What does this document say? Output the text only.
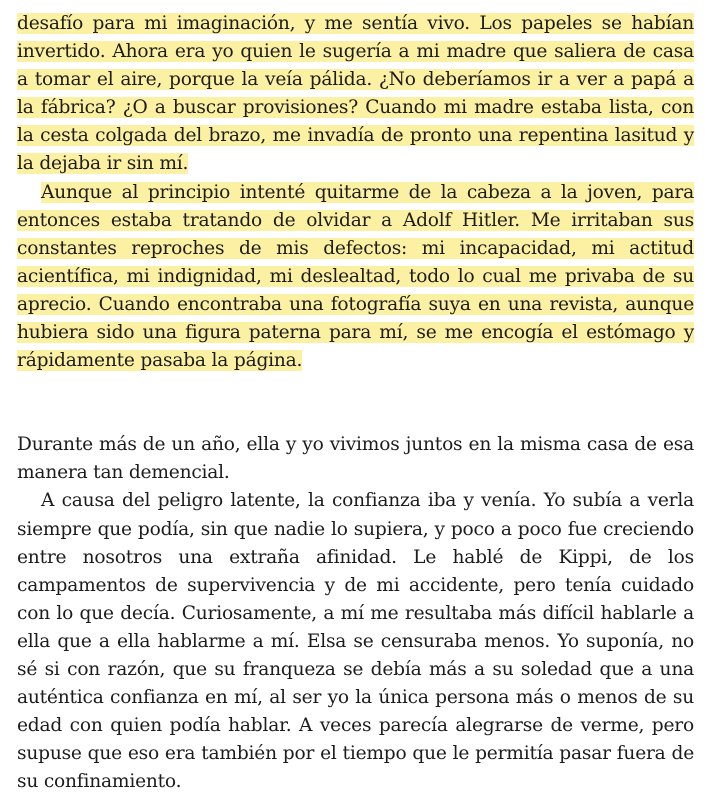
desafío para mi imaginación, y me sentía vivo. Los papeles se habían invertido. Ahora era yo quien le sugería a mi madre que saliera de casa a tomar el aire, porque la veía pálida. ¿No deberíamos ir a ver a papá a la fábrica? ¿O a buscar provisiones? Cuando mi madre estaba lista, con la cesta colgada del brazo, me invadía de pronto una repentina lasitud y la dejaba ir sin mí.

Aunque al principio intenté quitarme de la cabeza a la joven, para entonces estaba tratando de olvidar a Adolf Hitler. Me irritaban sus constantes reproches de mis defectos: mi incapacidad, mi actitud acientífica, mi indignidad, mi deslealtad, todo lo cual me privaba de su aprecio. Cuando encontraba una fotografía suya en una revista, aunque hubiera sido una figura paterna para mí, se me encogía el estómago y rápidamente pasaba la página.

Durante más de un año, ella y yo vivimos juntos en la misma casa de esa manera tan demencial.

A causa del peligro latente, la confianza iba y venía. Yo subía a verla siempre que podía, sin que nadie lo supiera, y poco a poco fue creciendo entre nosotros una extraña afinidad. Le hablé de Kippi, de los campamentos de supervivencia y de mi accidente, pero tenía cuidado con lo que decía. Curiosamente, a mí me resultaba más difícil hablarle a ella que a ella hablarme a mí. Elsa se censuraba menos. Yo suponía, no sé si con razón, que su franqueza se debía más a su soledad que a una auténtica confianza en mí, al ser yo la única persona más o menos de su edad con quien podía hablar. A veces parecía alegrarse de verme, pero supuse que eso era también por el tiempo que le permitía pasar fuera de su confinamiento.
